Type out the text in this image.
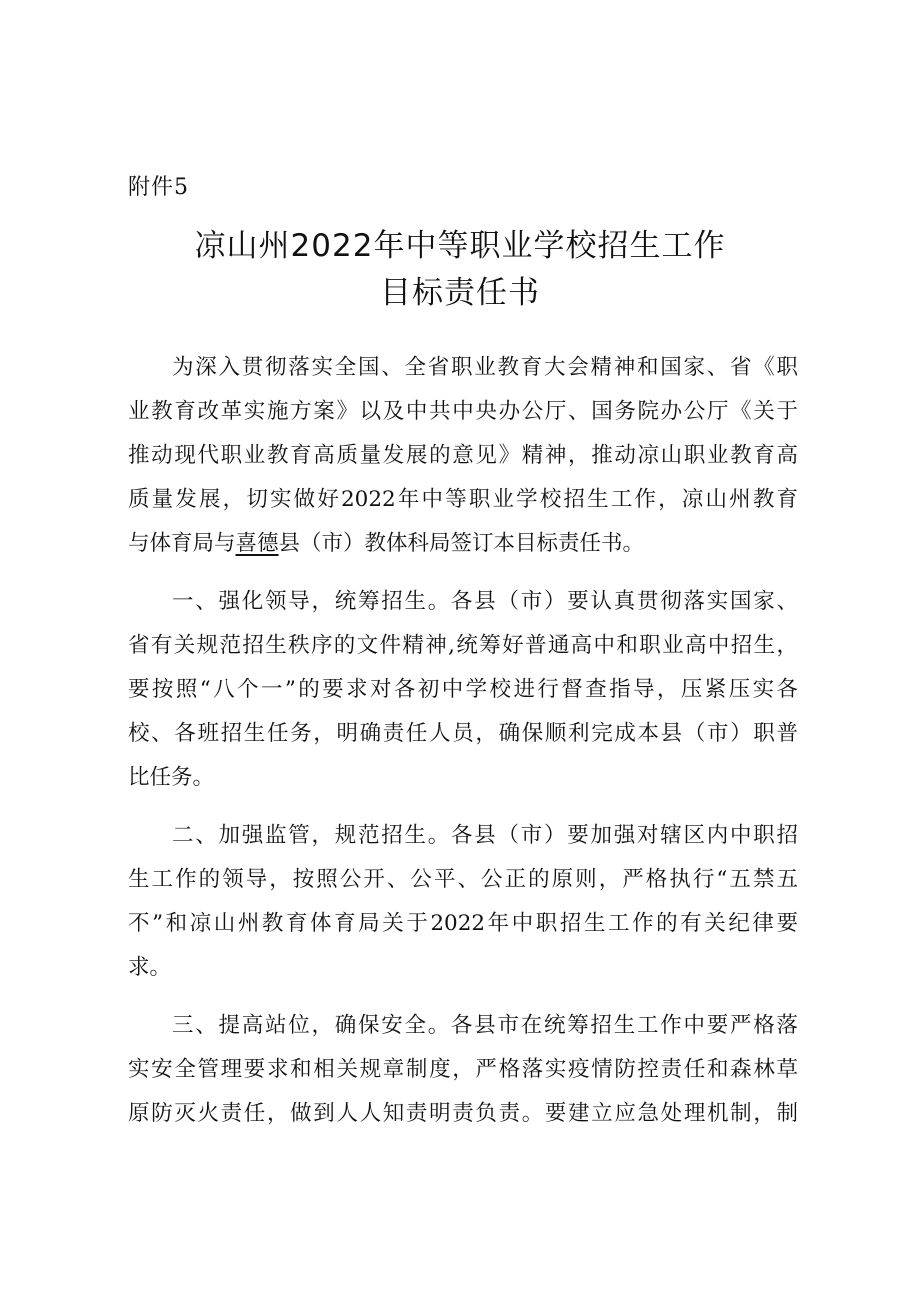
附件5
凉山州2022年中等职业学校招生工作
目标责任书
为深入贯彻落实全国、全省职业教育大会精神和国家、省《职
业教育改革实施方案》以及中共中央办公厅、国务院办公厅《关于
推动现代职业教育高质量发展的意见》精神，推动凉山职业教育高
质量发展，切实做好2022年中等职业学校招生工作，凉山州教育
与体育局与喜德县（市）教体科局签订本目标责任书。
一、强化领导，统筹招生。各县（市）要认真贯彻落实国家、
省有关规范招生秩序的文件精神,统筹好普通高中和职业高中招生，
要按照“八个一”的要求对各初中学校进行督查指导，压紧压实各
校、各班招生任务，明确责任人员，确保顺利完成本县（市）职普
比任务。
二、加强监管，规范招生。各县（市）要加强对辖区内中职招
生工作的领导，按照公开、公平、公正的原则，严格执行“五禁五
不”和凉山州教育体育局关于2022年中职招生工作的有关纪律要
求。
三、提高站位，确保安全。各县市在统筹招生工作中要严格落
实安全管理要求和相关规章制度，严格落实疫情防控责任和森林草
原防灭火责任，做到人人知责明责负责。要建立应急处理机制，制
